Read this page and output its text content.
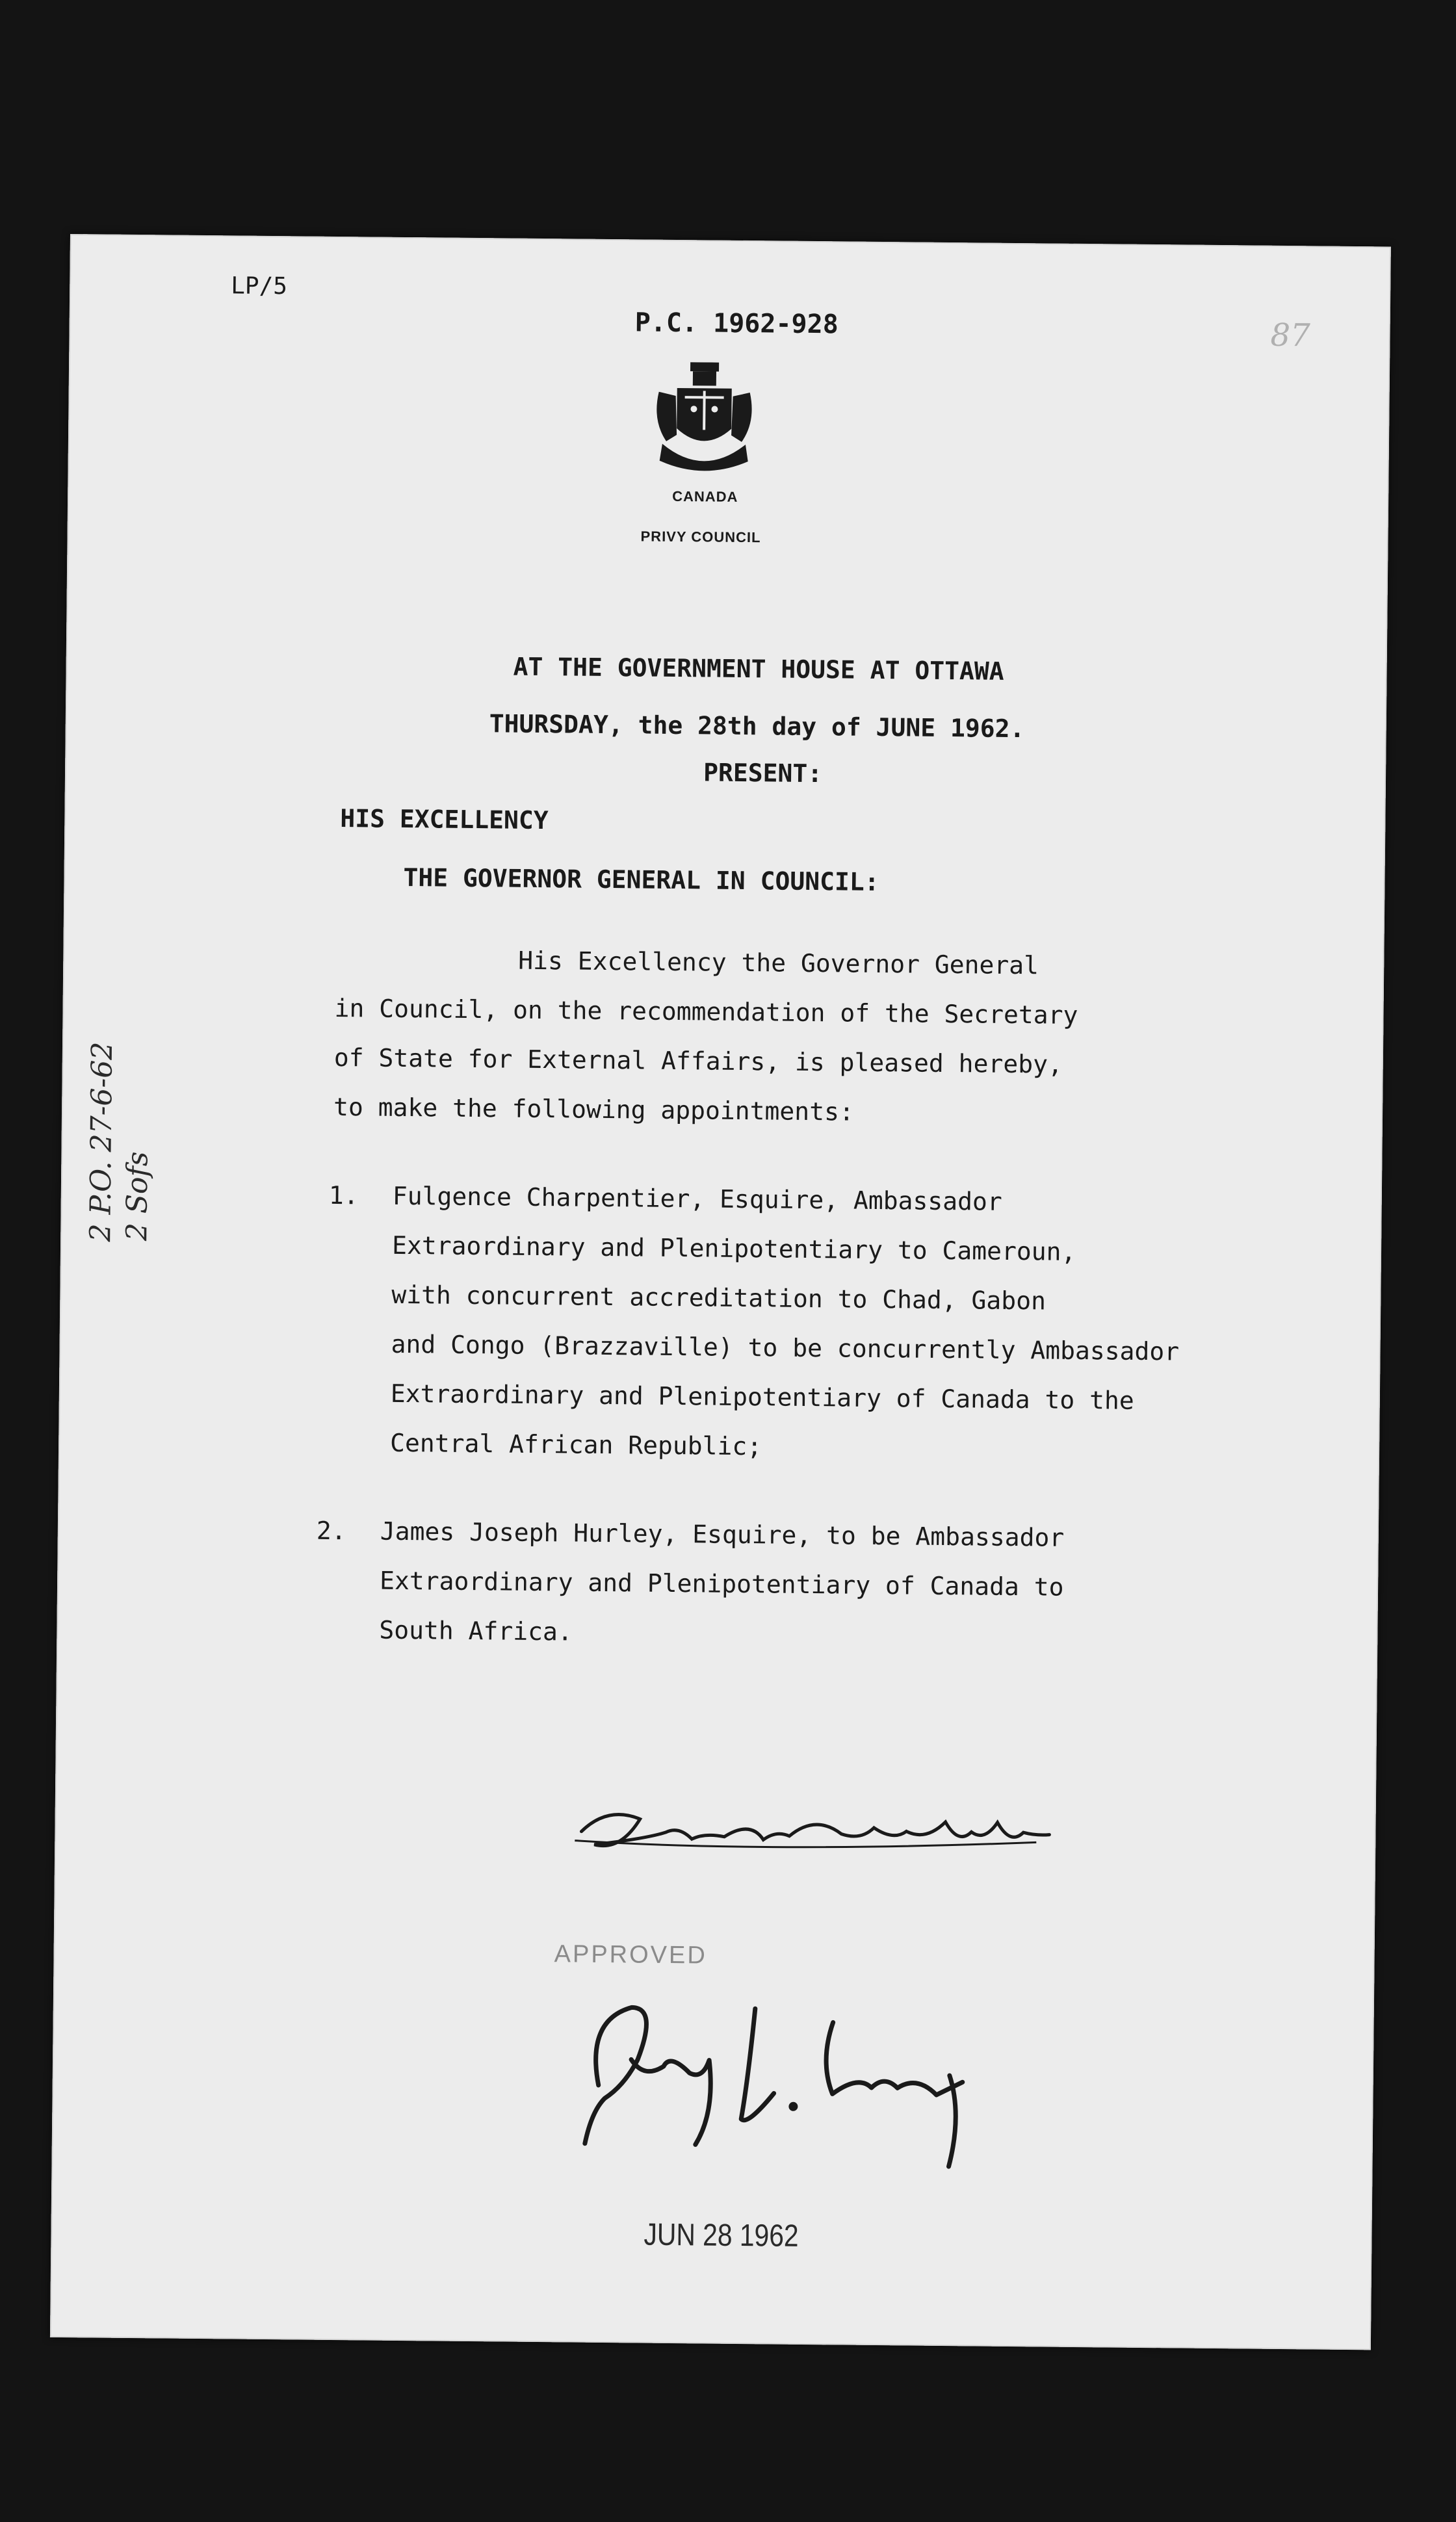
LP/5
P.C. 1962-928	87
CANADA
PRIVY COUNCIL
AT THE GOVERNMENT HOUSE AT OTTAWA
THURSDAY, the 28th day of JUNE 1962.
PRESENT:
HIS EXCELLENCY
THE GOVERNOR GENERAL IN COUNCIL:
His Excellency the Governor General
in Council, on the recommendation of the Secretary
of State for External Affairs, is pleased hereby,
to make the following appointments:
1. Fulgence Charpentier, Esquire, Ambassador
Extraordinary and Plenipotentiary to Cameroun,
with concurrent accreditation to Chad, Gabon
and Congo (Brazzaville) to be concurrently Ambassador
Extraordinary and Plenipotentiary of Canada to the
Central African Republic;
2. James Joseph Hurley, Esquire, to be Ambassador
Extraordinary and Plenipotentiary of Canada to
South Africa.
2 P.O. 27-6-62 2 Sofs
APPROVED
JUN 28 1962
